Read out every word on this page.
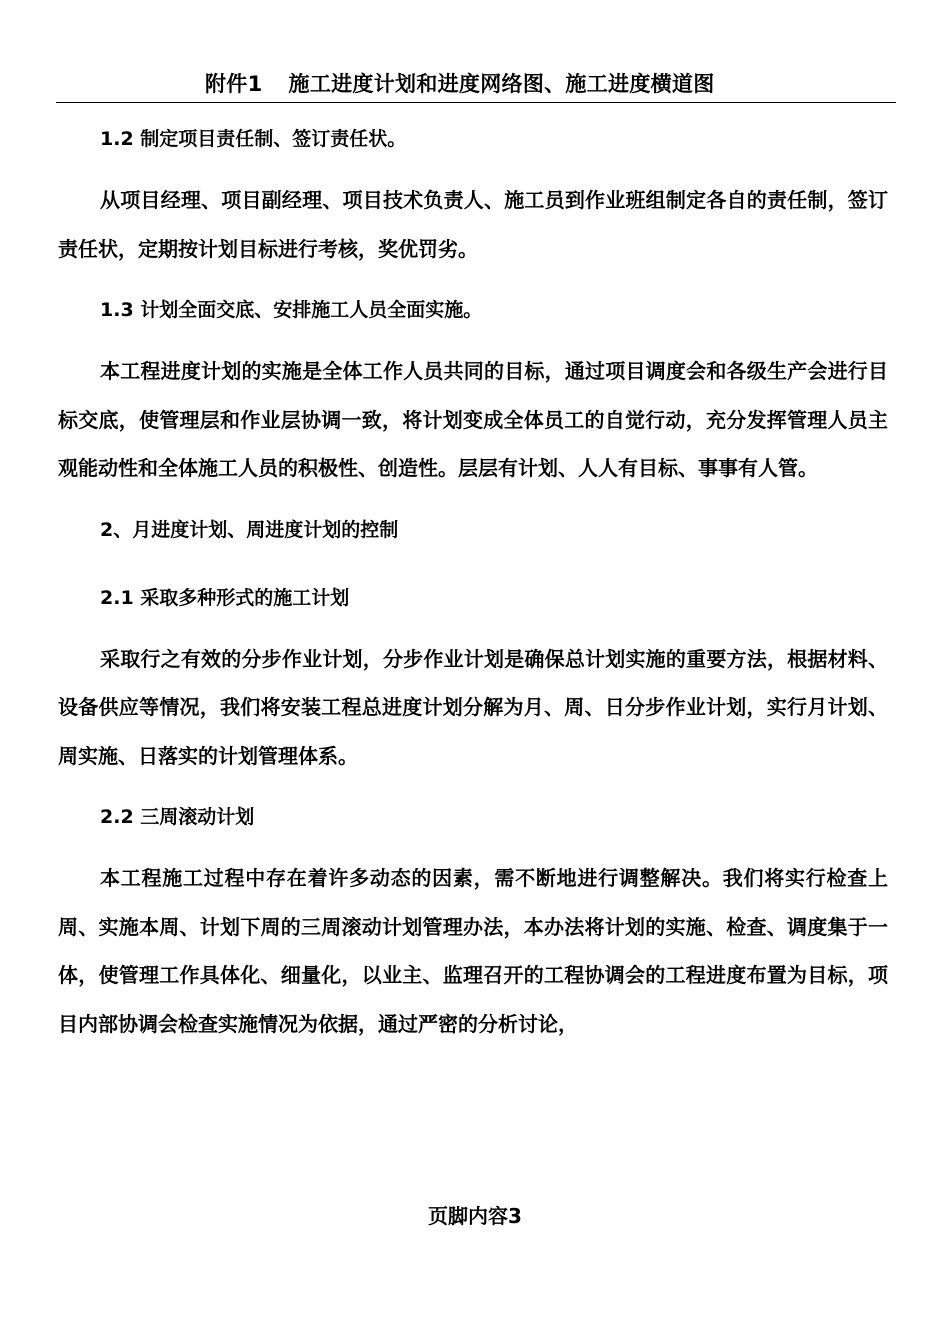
附件1 施工进度计划和进度网络图、施工进度横道图

1.2 制定项目责任制、签订责任状。

从项目经理、项目副经理、项目技术负责人、施工员到作业班组制定各自的责任制，签订责任状，定期按计划目标进行考核，奖优罚劣。

1.3 计划全面交底、安排施工人员全面实施。

本工程进度计划的实施是全体工作人员共同的目标，通过项目调度会和各级生产会进行目标交底，使管理层和作业层协调一致，将计划变成全体员工的自觉行动，充分发挥管理人员主观能动性和全体施工人员的积极性、创造性。层层有计划、人人有目标、事事有人管。

2、月进度计划、周进度计划的控制

2.1 采取多种形式的施工计划

采取行之有效的分步作业计划，分步作业计划是确保总计划实施的重要方法，根据材料、设备供应等情况，我们将安装工程总进度计划分解为月、周、日分步作业计划，实行月计划、周实施、日落实的计划管理体系。

2.2 三周滚动计划

本工程施工过程中存在着许多动态的因素，需不断地进行调整解决。我们将实行检查上周、实施本周、计划下周的三周滚动计划管理办法，本办法将计划的实施、检查、调度集于一体，使管理工作具体化、细量化，以业主、监理召开的工程协调会的工程进度布置为目标，项目内部协调会检查实施情况为依据，通过严密的分析讨论，

页脚内容3
